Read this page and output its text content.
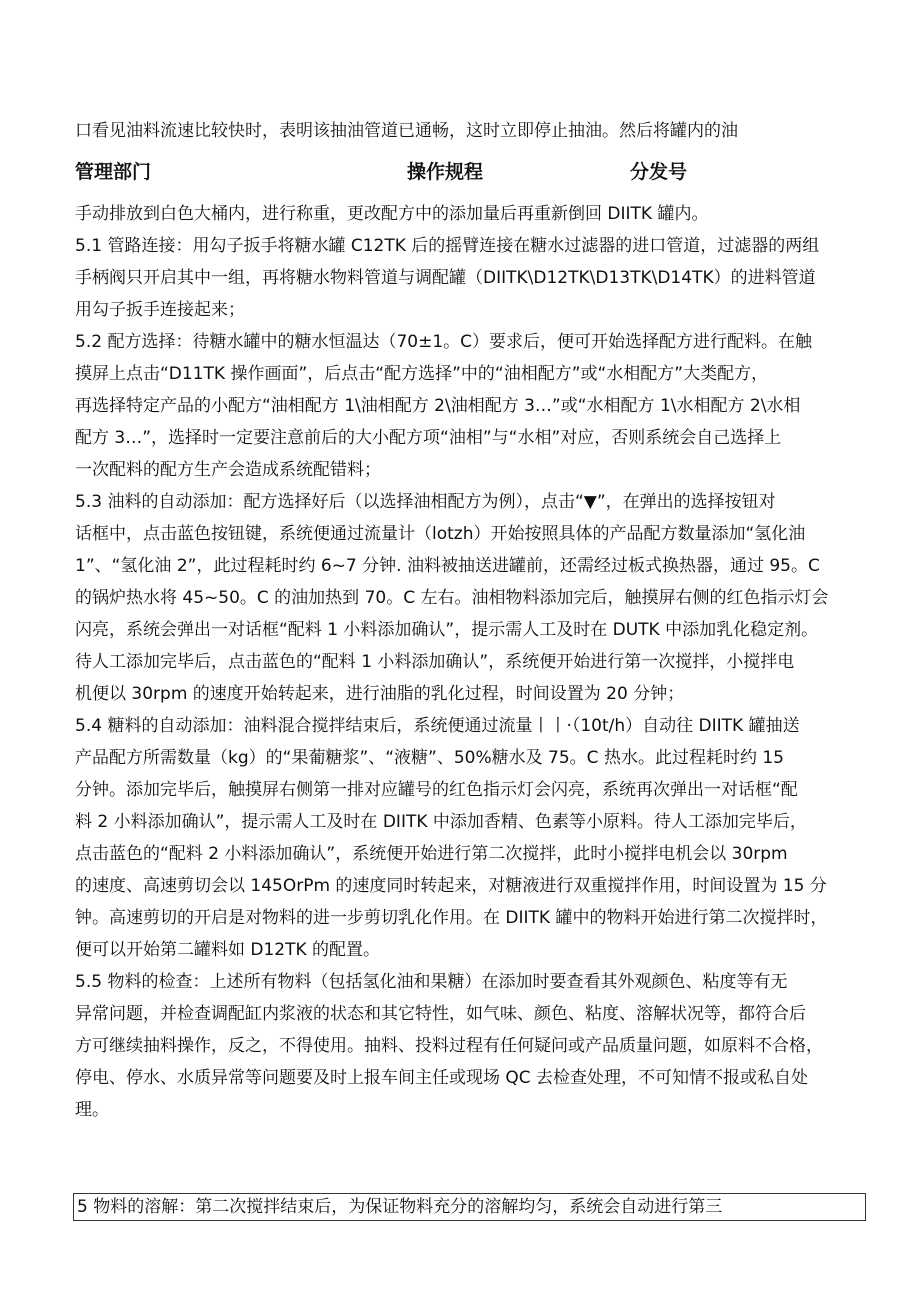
口看见油料流速比较快时，表明该抽油管道已通畅，这时立即停止抽油。然后将罐内的油
管理部门	操作规程	分发号
手动排放到白色大桶内，进行称重，更改配方中的添加量后再重新倒回 DIITK 罐内。
5.1 管路连接：用勾子扳手将糖水罐 C12TK 后的摇臂连接在糖水过滤器的进口管道，过滤器的两组
手柄阀只开启其中一组，再将糖水物料管道与调配罐（DIITK\D12TK\D13TK\D14TK）的进料管道
用勾子扳手连接起来；
5.2 配方选择：待糖水罐中的糖水恒温达（70±1。C）要求后，便可开始选择配方进行配料。在触
摸屏上点击“D11TK 操作画面”，后点击“配方选择”中的“油相配方”或“水相配方”大类配方，
再选择特定产品的小配方“油相配方 1\油相配方 2\油相配方 3…”或“水相配方 1\水相配方 2\水相
配方 3…”，选择时一定要注意前后的大小配方项“油相”与“水相”对应，否则系统会自己选择上
一次配料的配方生产会造成系统配错料；
5.3 油料的自动添加：配方选择好后（以选择油相配方为例），点击“▼”，在弹出的选择按钮对
话框中，点击蓝色按钮键，系统便通过流量计（lotzh）开始按照具体的产品配方数量添加“氢化油
1”、“氢化油 2”，此过程耗时约 6~7 分钟. 油料被抽送进罐前，还需经过板式换热器，通过 95。C
的锅炉热水将 45~50。C 的油加热到 70。C 左右。油相物料添加完后，触摸屏右侧的红色指示灯会
闪亮，系统会弹出一对话框“配料 1 小料添加确认”，提示需人工及时在 DUTK 中添加乳化稳定剂。
待人工添加完毕后，点击蓝色的“配料 1 小料添加确认”，系统便开始进行第一次搅拌，小搅拌电
机便以 30rpm 的速度开始转起来，进行油脂的乳化过程，时间设置为 20 分钟；
5.4 糖料的自动添加：油料混合搅拌结束后，系统便通过流量丨丨·（10t∕h）自动往 DIITK 罐抽送
产品配方所需数量（kg）的“果葡糖浆”、“液糖”、50%糖水及 75。C 热水。此过程耗时约 15
分钟。添加完毕后，触摸屏右侧第一排对应罐号的红色指示灯会闪亮，系统再次弹出一对话框“配
料 2 小料添加确认”，提示需人工及时在 DIITK 中添加香精、色素等小原料。待人工添加完毕后，
点击蓝色的“配料 2 小料添加确认”，系统便开始进行第二次搅拌，此时小搅拌电机会以 30rpm
的速度、高速剪切会以 145OrPm 的速度同时转起来，对糖液进行双重搅拌作用，时间设置为 15 分
钟。高速剪切的开启是对物料的进一步剪切乳化作用。在 DIITK 罐中的物料开始进行第二次搅拌时，
便可以开始第二罐料如 D12TK 的配置。
5.5 物料的检查：上述所有物料（包括氢化油和果糖）在添加时要查看其外观颜色、粘度等有无
异常问题，并检查调配缸内浆液的状态和其它特性，如气味、颜色、粘度、溶解状况等，都符合后
方可继续抽料操作，反之，不得使用。抽料、投料过程有任何疑问或产品质量问题，如原料不合格，
停电、停水、水质异常等问题要及时上报车间主任或现场 QC 去检查处理，不可知情不报或私自处
理。
5 物料的溶解：第二次搅拌结束后，为保证物料充分的溶解均匀，系统会自动进行第三
